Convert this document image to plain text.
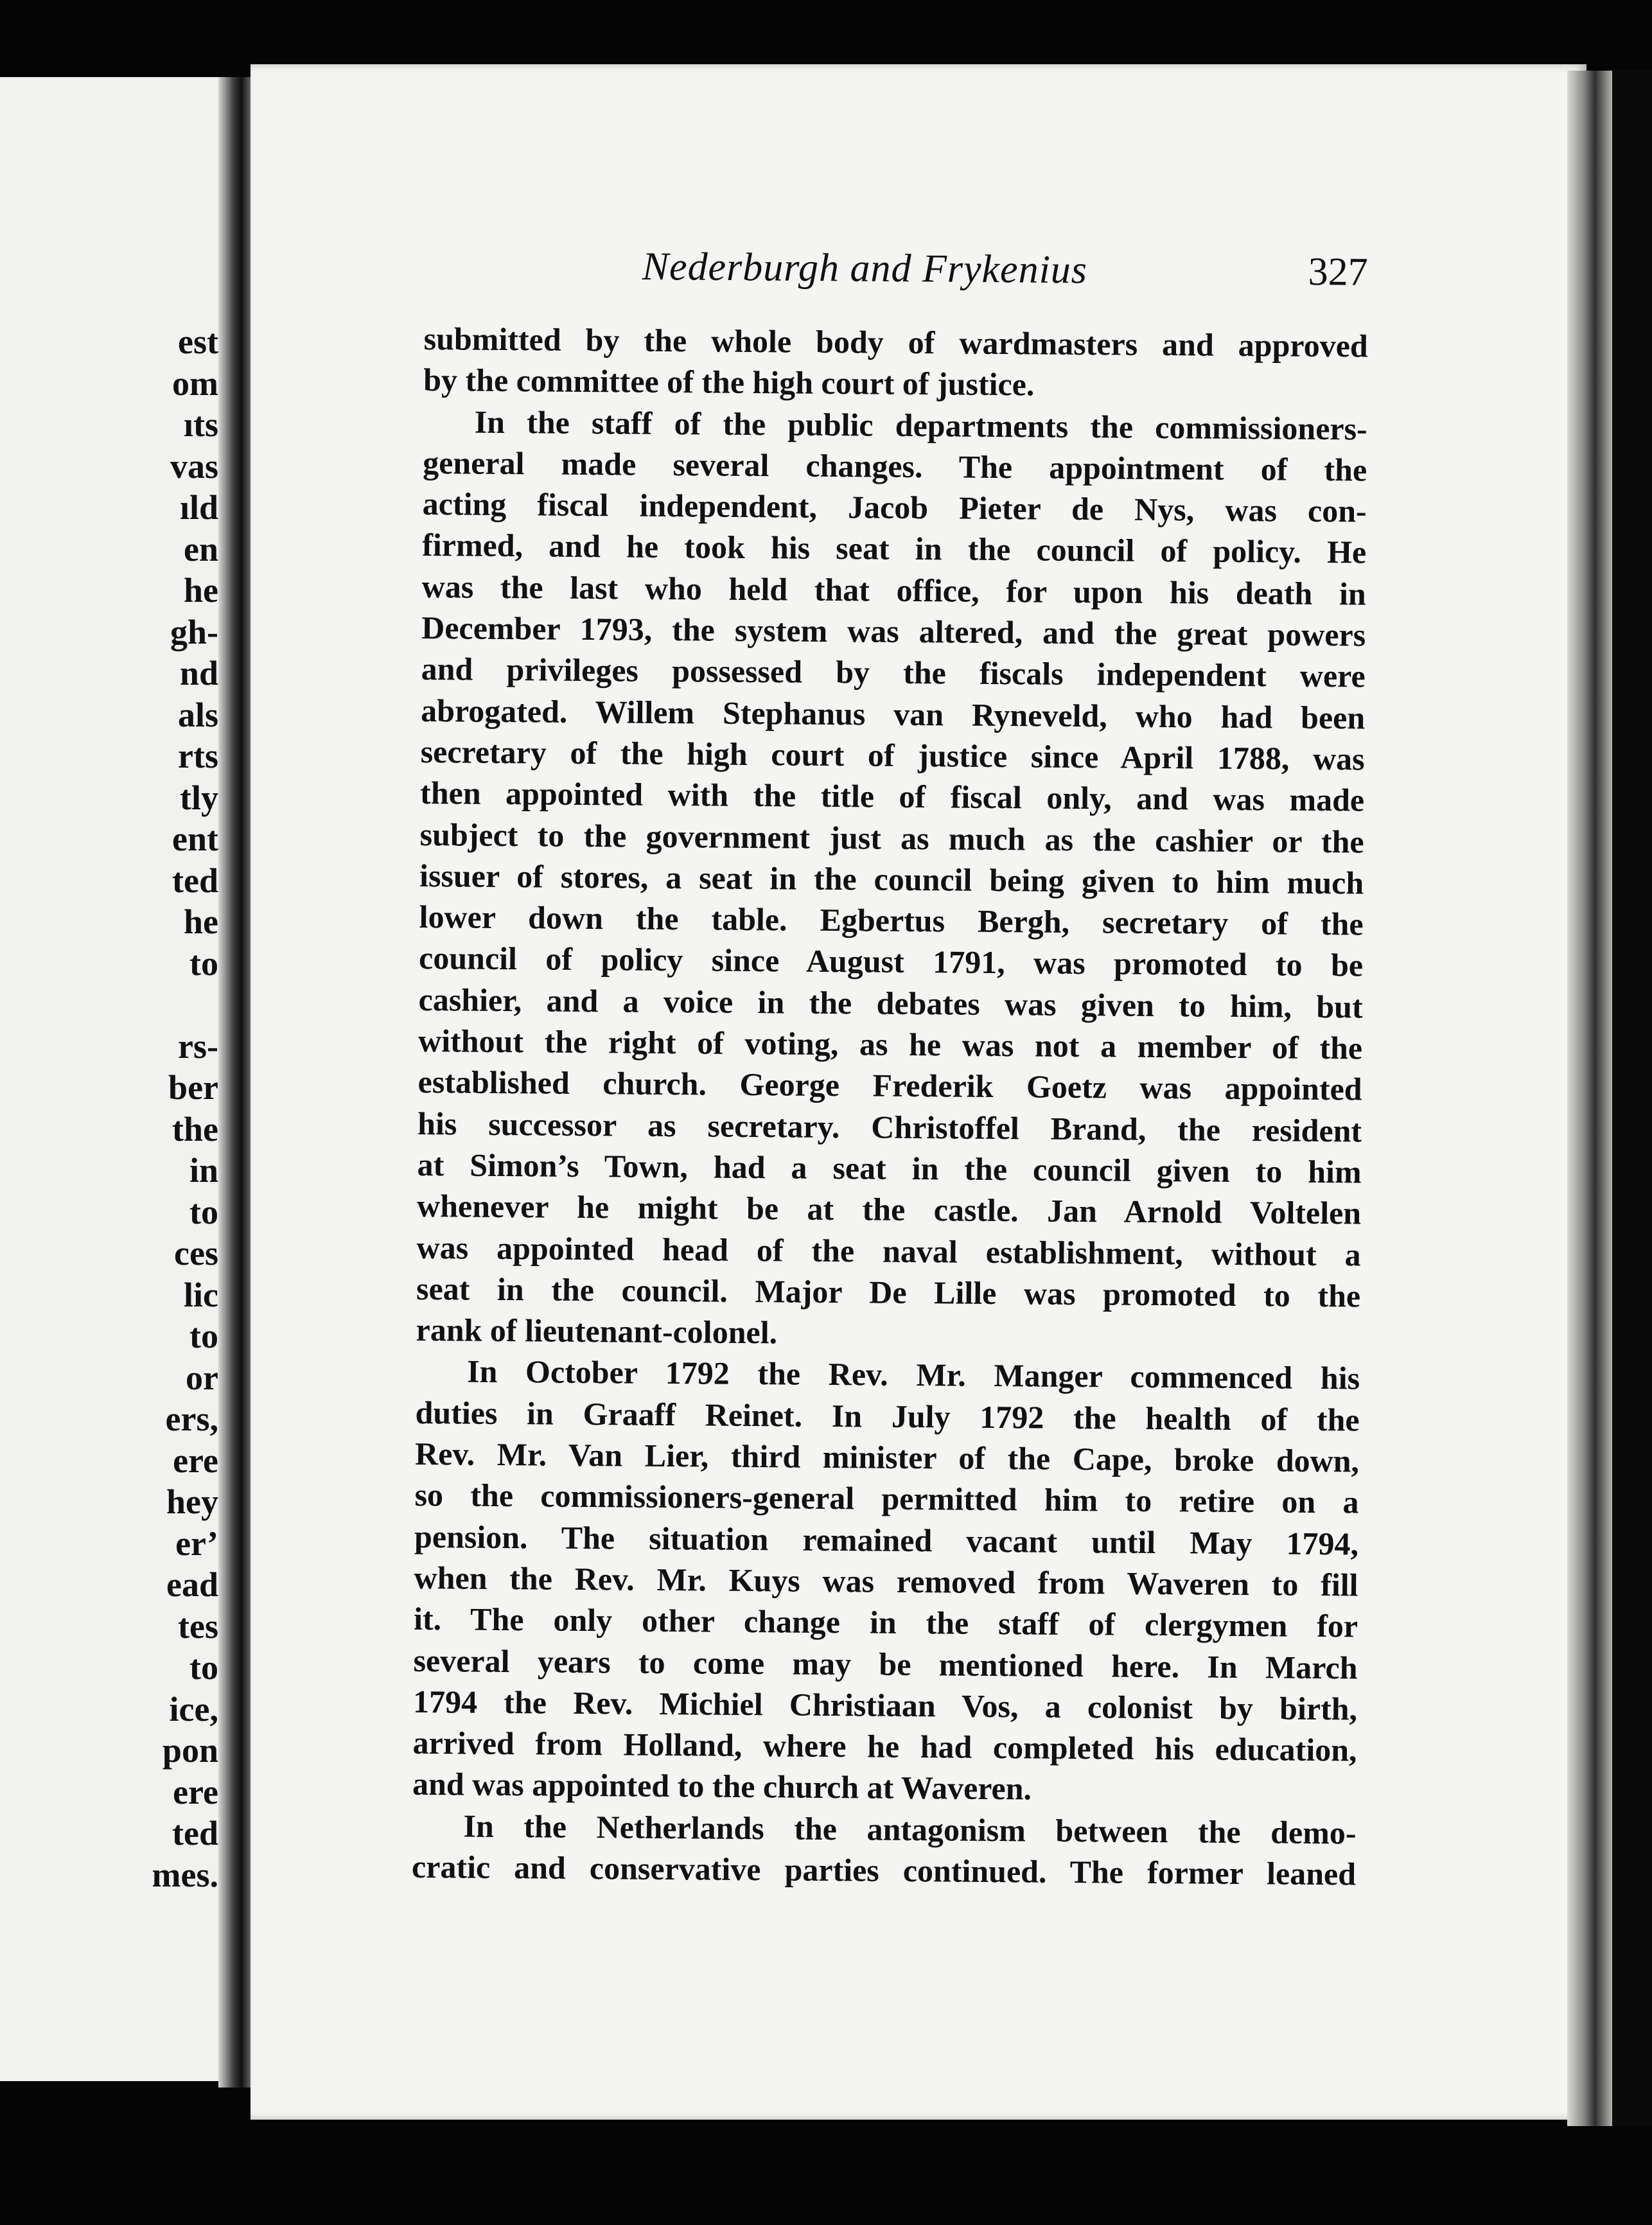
est
om
ıts
vas
ıld
en
he
gh-
nd
als
rts
tly
ent
ted
he
to
rs-
ber
the
in
to
ces
lic
to
or
ers,
ere
hey
er’
ead
tes
to
ice,
pon
ere
ted
mes.
Nederburgh and Frykenius	327
submitted by the whole body of wardmasters and approved
by the committee of the high court of justice.
In the staff of the public departments the commissioners-
general made several changes. The appointment of the
acting fiscal independent, Jacob Pieter de Nys, was con-
firmed, and he took his seat in the council of policy. He
was the last who held that office, for upon his death in
December 1793, the system was altered, and the great powers
and privileges possessed by the fiscals independent were
abrogated. Willem Stephanus van Ryneveld, who had been
secretary of the high court of justice since April 1788, was
then appointed with the title of fiscal only, and was made
subject to the government just as much as the cashier or the
issuer of stores, a seat in the council being given to him much
lower down the table. Egbertus Bergh, secretary of the
council of policy since August 1791, was promoted to be
cashier, and a voice in the debates was given to him, but
without the right of voting, as he was not a member of the
established church. George Frederik Goetz was appointed
his successor as secretary. Christoffel Brand, the resident
at Simon’s Town, had a seat in the council given to him
whenever he might be at the castle. Jan Arnold Voltelen
was appointed head of the naval establishment, without a
seat in the council. Major De Lille was promoted to the
rank of lieutenant-colonel.
In October 1792 the Rev. Mr. Manger commenced his
duties in Graaff Reinet. In July 1792 the health of the
Rev. Mr. Van Lier, third minister of the Cape, broke down,
so the commissioners-general permitted him to retire on a
pension. The situation remained vacant until May 1794,
when the Rev. Mr. Kuys was removed from Waveren to fill
it. The only other change in the staff of clergymen for
several years to come may be mentioned here. In March
1794 the Rev. Michiel Christiaan Vos, a colonist by birth,
arrived from Holland, where he had completed his education,
and was appointed to the church at Waveren.
In the Netherlands the antagonism between the demo-
cratic and conservative parties continued. The former leaned
